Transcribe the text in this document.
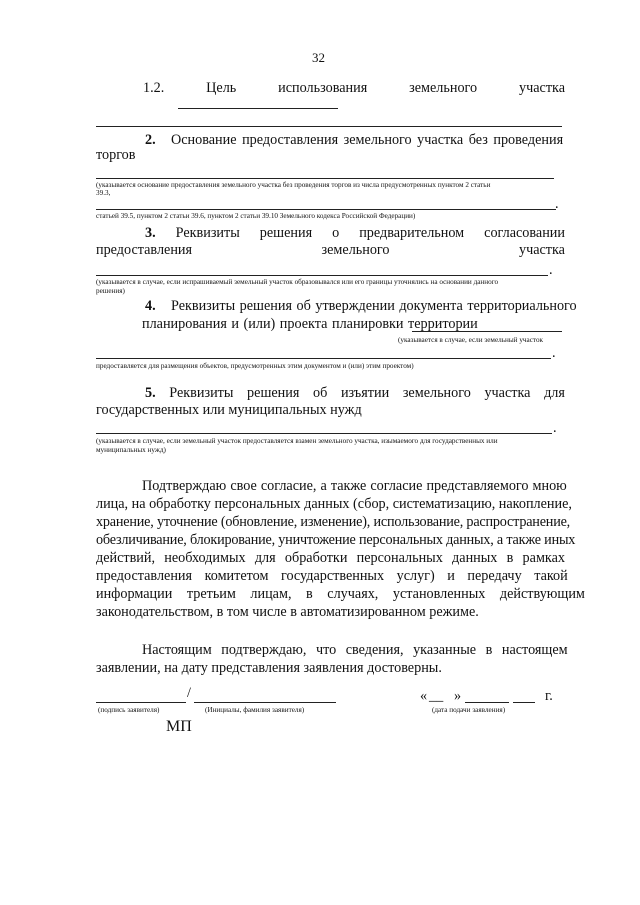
32
1.2.	Цель	использования	земельного	участка
2. Основание предоставления земельного участка без проведения
торгов
(указывается основание предоставления земельного участка без проведения торгов из числа предусмотренных пунктом 2 статьи
39.3,
.
статьей 39.5, пунктом 2 статьи 39.6, пунктом 2 статьи 39.10 Земельного кодекса Российской Федерации)
3. Реквизиты решения о предварительном согласовании
предоставления	земельного	участка
.
(указывается в случае, если испрашиваемый земельный участок образовывался или его границы уточнялись на основании данного
решения)
4. Реквизиты решения об утверждении документа территориального
планирования и (или) проекта планировки территории
(указывается в случае, если земельный участок
.
предоставляется для размещения объектов, предусмотренных этим документом и (или) этим проектом)
5. Реквизиты решения об изъятии земельного участка для
государственных или муниципальных нужд
.
(указывается в случае, если земельный участок предоставляется взамен земельного участка, изымаемого для государственных или
муниципальных нужд)
Подтверждаю свое согласие, а также согласие представляемого мною
лица, на обработку персональных данных (сбор, систематизацию, накопление,
хранение, уточнение (обновление, изменение), использование, распространение,
обезличивание, блокирование, уничтожение персональных данных, а также иных
действий, необходимых для обработки персональных данных в рамках
предоставления комитетом государственных услуг) и передачу такой
информации третьим лицам, в случаях, установленных действующим
законодательством, в том числе в автоматизированном режиме.
Настоящим подтверждаю, что сведения, указанные в настоящем
заявлении, на дату представления заявления достоверны.
/
(подпись заявителя)	(Инициалы, фамилия заявителя)
« __ »	г.
(дата подачи заявления)
МП
